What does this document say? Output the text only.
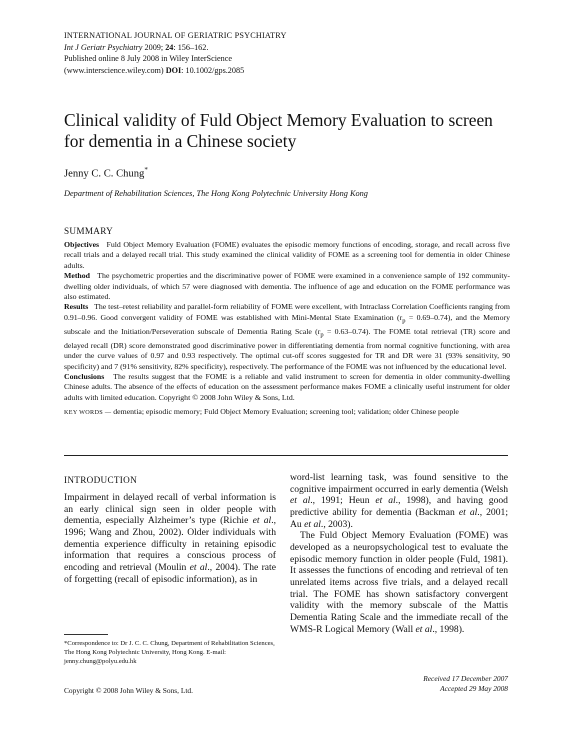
INTERNATIONAL JOURNAL OF GERIATRIC PSYCHIATRY
Int J Geriatr Psychiatry 2009; 24: 156–162.
Published online 8 July 2008 in Wiley InterScience
(www.interscience.wiley.com) DOI: 10.1002/gps.2085
Clinical validity of Fuld Object Memory Evaluation to screen for dementia in a Chinese society
Jenny C. C. Chung*
Department of Rehabilitation Sciences, The Hong Kong Polytechnic University Hong Kong
SUMMARY

Objectives Fuld Object Memory Evaluation (FOME) evaluates the episodic memory functions of encoding, storage, and recall across five recall trials and a delayed recall trial. This study examined the clinical validity of FOME as a screening tool for dementia in older Chinese adults.

Method The psychometric properties and the discriminative power of FOME were examined in a convenience sample of 192 community-dwelling older individuals, of which 57 were diagnosed with dementia. The influence of age and education on the FOME performance was also estimated.

Results The test–retest reliability and parallel-form reliability of FOME were excellent, with Intraclass Correlation Coefficients ranging from 0.91–0.96. Good convergent validity of FOME was established with Mini-Mental State Examination $(r_p = 0.69-0.74)$, and the Memory subscale and the Initiation/Perseveration subscale of Dementia Rating Scale $(r_p = 0.63-0.74)$. The FOME total retrieval (TR) score and delayed recall (DR) score demonstrated good discriminative power in differentiating dementia from normal cognitive functioning, with area under the curve values of 0.97 and 0.93 respectively. The optimal cut-off scores suggested for TR and DR were 31 (93% sensitivity, 90 specificity) and 7 (91% sensitivity, 82% specificity), respectively. The performance of the FOME was not influenced by the educational level.

Conclusions The results suggest that the FOME is a reliable and valid instrument to screen for dementia in older community-dwelling Chinese adults. The absence of the effects of education on the assessment performance makes FOME a clinically useful instrument for older adults with limited education. Copyright © 2008 John Wiley & Sons, Ltd.

KEY WORDS — dementia; episodic memory; Fuld Object Memory Evaluation; screening tool; validation; older Chinese people
INTRODUCTION

Impairment in delayed recall of verbal information is an early clinical sign seen in older people with dementia, especially Alzheimer’s type (Richie et al., 1996; Wang and Zhou, 2002). Older individuals with dementia experience difficulty in retaining episodic information that requires a conscious process of encoding and retrieval (Moulin et al., 2004). The rate of forgetting (recall of episodic information), as in

word-list learning task, was found sensitive to the cognitive impairment occurred in early dementia (Welsh et al., 1991; Heun et al., 1998), and having good predictive ability for dementia (Backman et al., 2001; Au et al., 2003).

The Fuld Object Memory Evaluation (FOME) was developed as a neuropsychological test to evaluate the episodic memory function in older people (Fuld, 1981). It assesses the functions of encoding and retrieval of ten unrelated items across five trials, and a delayed recall trial. The FOME has shown satisfactory convergent validity with the memory subscale of the Mattis Dementia Rating Scale and the immediate recall of the WMS-R Logical Memory (Wall et al., 1998).

*Correspondence to: Dr J. C. C. Chung, Department of Rehabilitation Sciences, The Hong Kong Polytechnic University, Hong Kong. E-mail: jenny.chung@polyu.edu.hk
Copyright © 2008 John Wiley & Sons, Ltd.
Received 17 December 2007
Accepted 29 May 2008
